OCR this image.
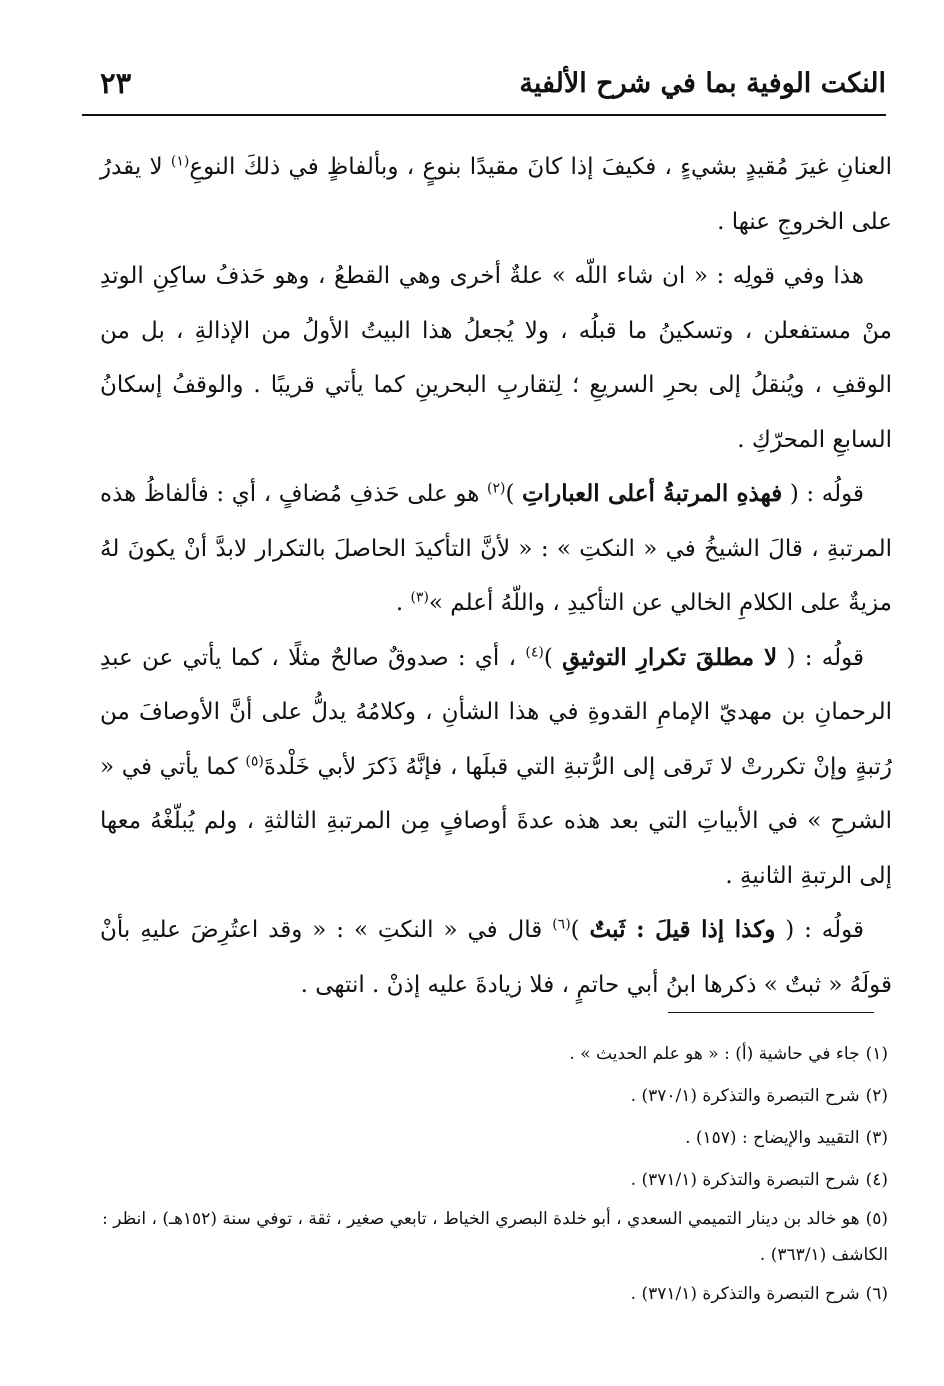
النكت الوفية بما في شرح الألفية
٢٣

العنانِ غيرَ مُقيدٍ بشيءٍ ، فكيفَ إذا كانَ مقيدًا بنوعٍ ، وبألفاظٍ في ذلكَ النوعِ$^{(١)}$ لا يقدرُ على الخروجِ عنها .

هذا وفي قولِه : « ان شاء اللّه » علةٌ أخرى وهي القطعُ ، وهو حَذفُ ساكِنِ الوتدِ منْ مستفعلن ، وتسكينُ ما قبلُه ، ولا يُجعلُ هذا البيتُ الأولُ من الإذالةِ ، بل من الوقفِ ، ويُنقلُ إلى بحرِ السريعِ ؛ لِتقاربِ البحرينِ كما يأتي قريبًا . والوقفُ إسكانُ السابعِ المحرّكِ .

قولُه : ( فهذهِ المرتبةُ أعلى العباراتِ )$^{(٢)}$ هو على حَذفِ مُضافٍ ، أي : فألفاظُ هذه المرتبةِ ، قالَ الشيخُ في « النكتِ » : « لأنَّ التأكيدَ الحاصلَ بالتكرار لابدَّ أنْ يكونَ لهُ مزيةٌ على الكلامِ الخالي عن التأكيدِ ، واللّهُ أعلم »$^{(٣)}$ .

قولُه : ( لا مطلقَ تكرارِ التوثيقِ )$^{(٤)}$ ، أي : صدوقٌ صالحٌ مثلًا ، كما يأتي عن عبدِ الرحمانِ بن مهديّ الإمامِ القدوةِ في هذا الشأنِ ، وكلامُهُ يدلُّ على أنَّ الأوصافَ من رُتبةٍ وإنْ تكررتْ لا تَرقى إلى الرُّتبةِ التي قبلَها ، فإنَّهُ ذَكرَ لأبي خَلْدةَ$^{(٥)}$ كما يأتي في « الشرحِ » في الأبياتِ التي بعد هذه عدةَ أوصافٍ مِن المرتبةِ الثالثةِ ، ولم يُبلّغْهُ معها إلى الرتبةِ الثانيةِ .

قولُه : ( وكذا إذا قيلَ : ثَبتٌ )$^{(٦)}$ قال في « النكتِ » : « وقد اعتُرِضَ عليهِ بأنْ قولَهُ « ثبتٌ » ذكرها ابنُ أبي حاتمٍ ، فلا زيادةَ عليه إذنْ . انتهى .

(١)جاء في حاشية (أ) : « هو علم الحديث » .

(٢)شرح التبصرة والتذكرة (٣٧٠/١) .

(٣)التقييد والإيضاح : (١٥٧) .

(٤)شرح التبصرة والتذكرة (٣٧١/١) .

(٥)هو خالد بن دينار التميمي السعدي ، أبو خلدة البصري الخياط ، تابعي صغير ، ثقة ، توفي سنة (١٥٢هـ) ، انظر : الكاشف (٣٦٣/١) .

(٦)شرح التبصرة والتذكرة (٣٧١/١) .
